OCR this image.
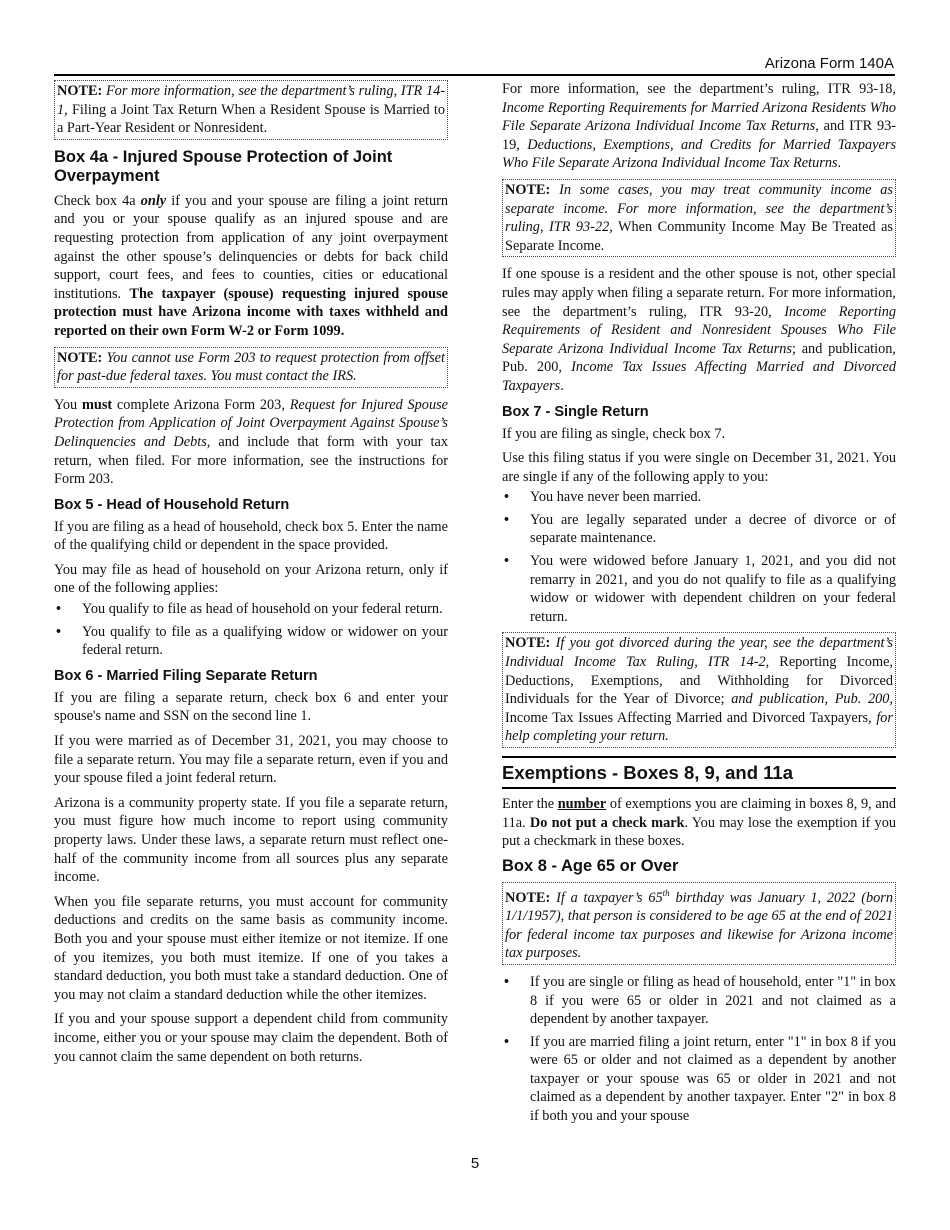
Arizona Form 140A
NOTE: For more information, see the department’s ruling, ITR 14-1, Filing a Joint Tax Return When a Resident Spouse is Married to a Part-Year Resident or Nonresident.
Box 4a - Injured Spouse Protection of Joint Overpayment

Check box 4a only if you and your spouse are filing a joint return and you or your spouse qualify as an injured spouse and are requesting protection from application of any joint overpayment against the other spouse’s delinquencies or debts for back child support, court fees, and fees to counties, cities or educational institutions. The taxpayer (spouse) requesting injured spouse protection must have Arizona income with taxes withheld and reported on their own Form W-2 or Form 1099.

NOTE: You cannot use Form 203 to request protection from offset for past-due federal taxes. You must contact the IRS.

You must complete Arizona Form 203, Request for Injured Spouse Protection from Application of Joint Overpayment Against Spouse’s Delinquencies and Debts, and include that form with your tax return, when filed. For more information, see the instructions for Form 203.

Box 5 - Head of Household Return

If you are filing as a head of household, check box 5. Enter the name of the qualifying child or dependent in the space provided.

You may file as head of household on your Arizona return, only if one of the following applies:

• You qualify to file as head of household on your federal return.
• You qualify to file as a qualifying widow or widower on your federal return.
Box 6 - Married Filing Separate Return

If you are filing a separate return, check box 6 and enter your spouse's name and SSN on the second line 1.

If you were married as of December 31, 2021, you may choose to file a separate return. You may file a separate return, even if you and your spouse filed a joint federal return.

Arizona is a community property state. If you file a separate return, you must figure how much income to report using community property laws. Under these laws, a separate return must reflect one-half of the community income from all sources plus any separate income.

When you file separate returns, you must account for community deductions and credits on the same basis as community income. Both you and your spouse must either itemize or not itemize. If one of you itemizes, you both must itemize. If one of you takes a standard deduction, you both must take a standard deduction. One of you may not claim a standard deduction while the other itemizes.

If you and your spouse support a dependent child from community income, either you or your spouse may claim the dependent. Both of you cannot claim the same dependent on both returns.

For more information, see the department’s ruling, ITR 93-18, Income Reporting Requirements for Married Arizona Residents Who File Separate Arizona Individual Income Tax Returns, and ITR 93-19, Deductions, Exemptions, and Credits for Married Taxpayers Who File Separate Arizona Individual Income Tax Returns.

NOTE: In some cases, you may treat community income as separate income. For more information, see the department’s ruling, ITR 93-22, When Community Income May Be Treated as Separate Income.

If one spouse is a resident and the other spouse is not, other special rules may apply when filing a separate return. For more information, see the department’s ruling, ITR 93-20, Income Reporting Requirements of Resident and Nonresident Spouses Who File Separate Arizona Individual Income Tax Returns; and publication, Pub. 200, Income Tax Issues Affecting Married and Divorced Taxpayers.

Box 7 - Single Return

If you are filing as single, check box 7.

Use this filing status if you were single on December 31, 2021. You are single if any of the following apply to you:

• You have never been married.
• You are legally separated under a decree of divorce or of separate maintenance.
• You were widowed before January 1, 2021, and you did not remarry in 2021, and you do not qualify to file as a qualifying widow or widower with dependent children on your federal return.
NOTE: If you got divorced during the year, see the department’s Individual Income Tax Ruling, ITR 14-2, Reporting Income, Deductions, Exemptions, and Withholding for Divorced Individuals for the Year of Divorce; and publication, Pub. 200, Income Tax Issues Affecting Married and Divorced Taxpayers, for help completing your return.
Exemptions - Boxes 8, 9, and 11a

Enter the number of exemptions you are claiming in boxes 8, 9, and 11a. Do not put a check mark. You may lose the exemption if you put a checkmark in these boxes.

Box 8 - Age 65 or Over
NOTE: If a taxpayer’s 65th birthday was January 1, 2022 (born 1/1/1957), that person is considered to be age 65 at the end of 2021 for federal income tax purposes and likewise for Arizona income tax purposes.
• If you are single or filing as head of household, enter "1" in box 8 if you were 65 or older in 2021 and not claimed as a dependent by another taxpayer.
• If you are married filing a joint return, enter "1" in box 8 if you were 65 or older and not claimed as a dependent by another taxpayer or your spouse was 65 or older in 2021 and not claimed as a dependent by another taxpayer. Enter "2" in box 8 if both you and your spouse
5
